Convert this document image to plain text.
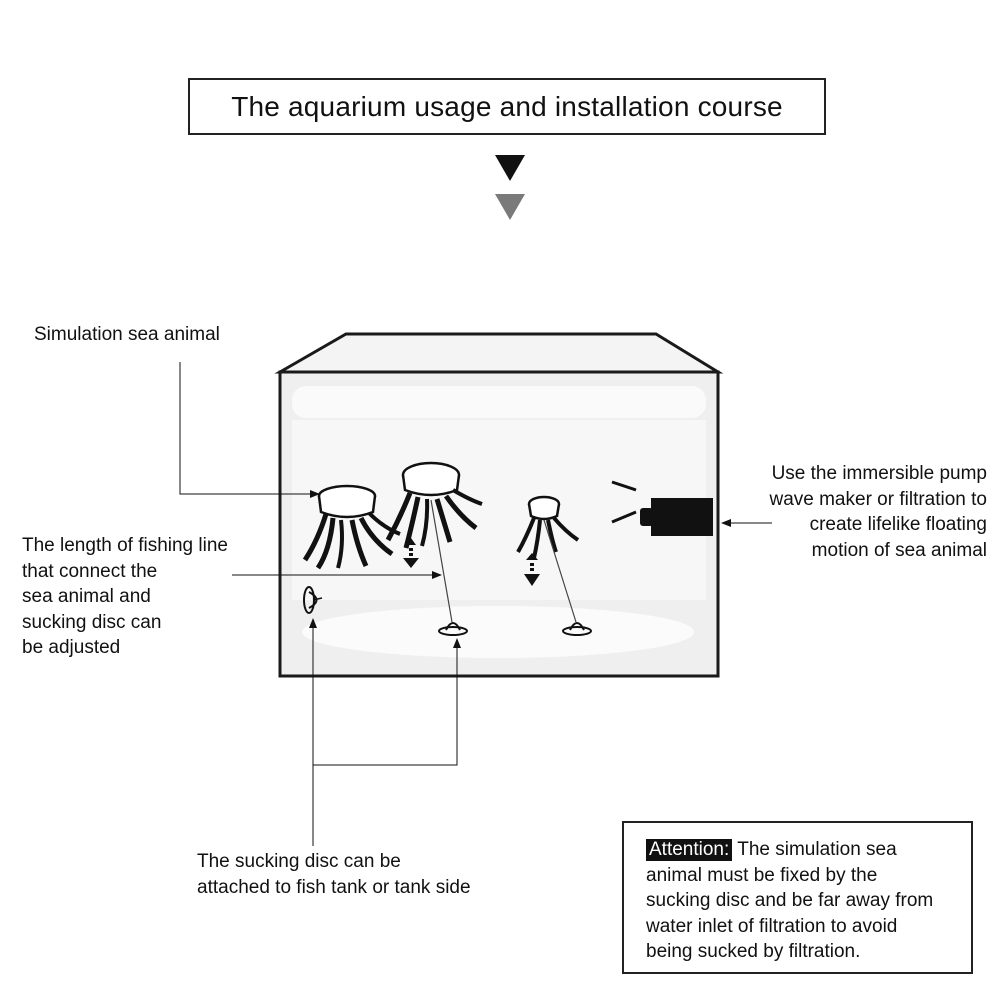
The aquarium usage and installation course
Simulation sea animal
The length of fishing line
that connect the
sea animal and
sucking disc can
be adjusted
Use the immersible pump
wave maker or filtration to
create lifelike floating
motion of sea animal
The sucking disc can be
attached to fish tank or tank side
Attention: The simulation sea
animal must be fixed by the
sucking disc and be far away from
water inlet of filtration to avoid
being sucked by filtration.
